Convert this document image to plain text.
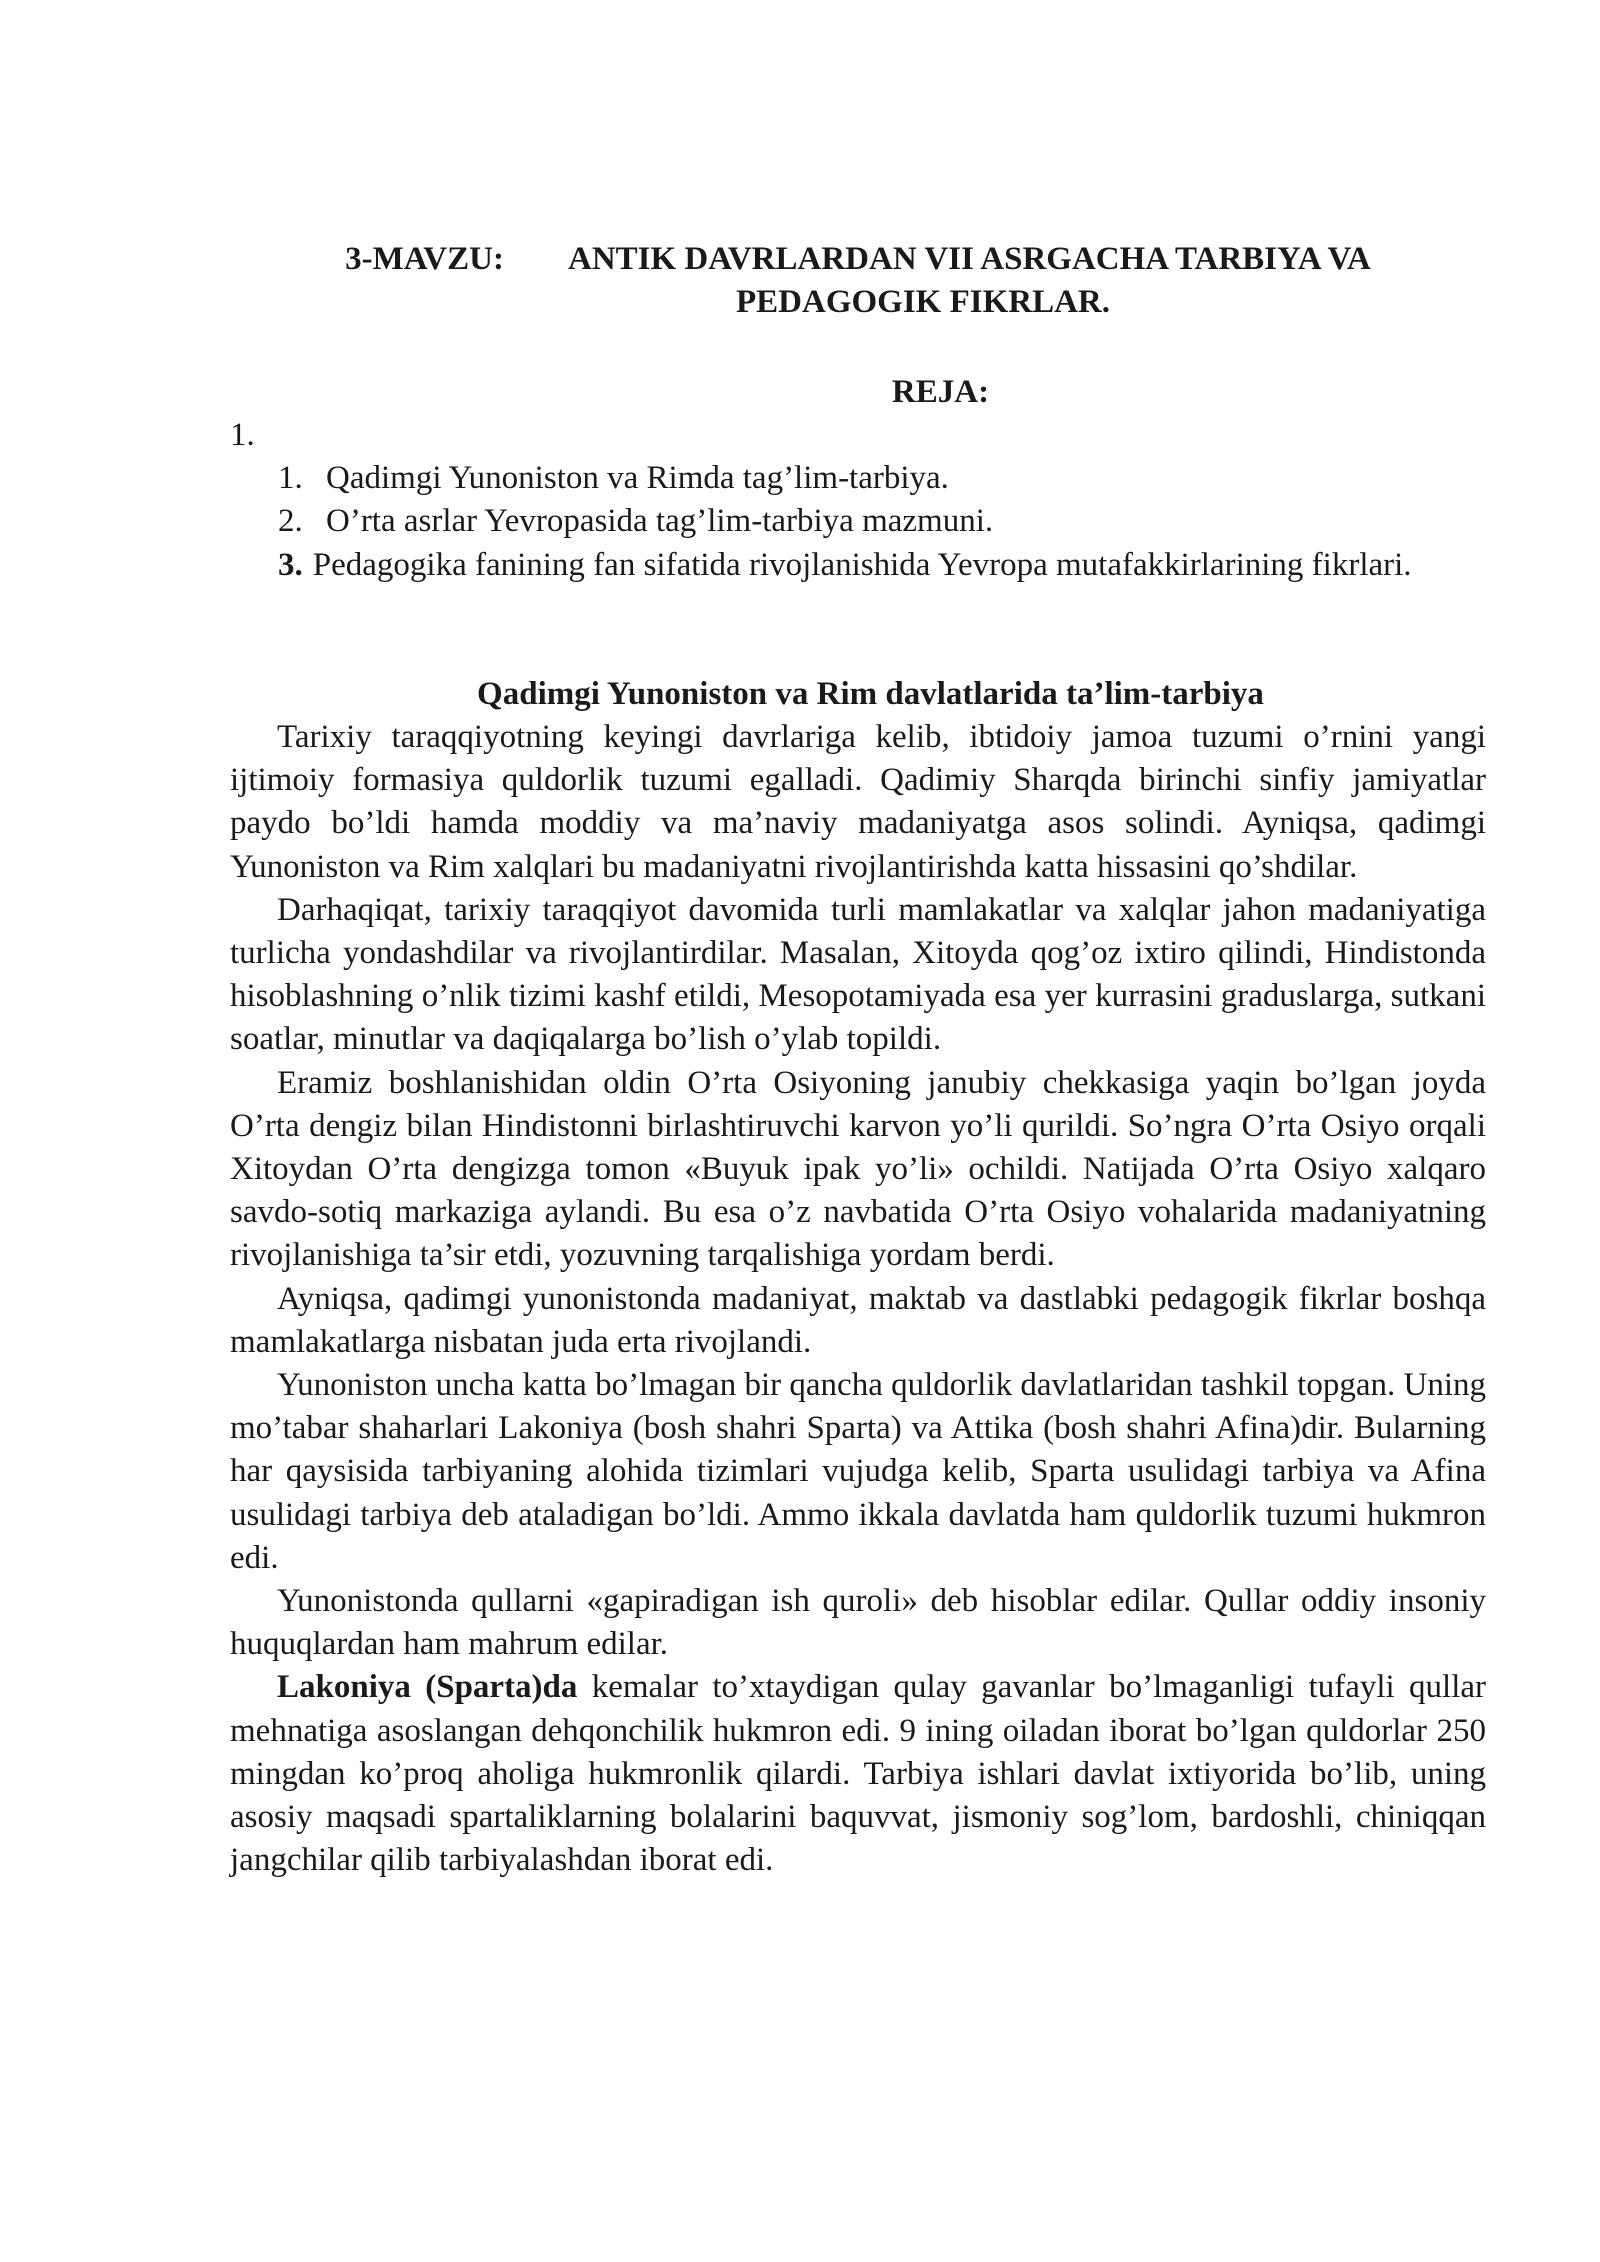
3-MAVZU: ANTIK DAVRLARDAN VII ASRGACHA TARBIYA VA
PEDAGOGIK FIKRLAR.
REJA:
1.
1. Qadimgi Yunoniston va Rimda tag’lim-tarbiya.
2. O’rta asrlar Yevropasida tag’lim-tarbiya mazmuni.
3. Pedagogika fanining fan sifatida rivojlanishida Yevropa mutafakkirlarining fikrlari.
Qadimgi Yunoniston va Rim davlatlarida ta’lim-tarbiya

Tarixiy taraqqiyotning keyingi davrlariga kelib, ibtidoiy jamoa tuzumi o’rnini yangi ijtimoiy formasiya quldorlik tuzumi egalladi. Qadimiy Sharqda birinchi sinfiy jamiyatlar paydo bo’ldi hamda moddiy va ma’naviy madaniyatga asos solindi. Ayniqsa, qadimgi Yunoniston va Rim xalqlari bu madaniyatni rivojlantirishda katta hissasini qo’shdilar.

Darhaqiqat, tarixiy taraqqiyot davomida turli mamlakatlar va xalqlar jahon madaniyatiga turlicha yondashdilar va rivojlantirdilar. Masalan, Xitoyda qog’oz ixtiro qilindi, Hindistonda hisoblashning o’nlik tizimi kashf etildi, Mesopotamiyada esa yer kurrasini graduslarga, sutkani soatlar, minutlar va daqiqalarga bo’lish o’ylab topildi.

Eramiz boshlanishidan oldin O’rta Osiyoning janubiy chekkasiga yaqin bo’lgan joyda O’rta dengiz bilan Hindistonni birlashtiruvchi karvon yo’li qurildi. So’ngra O’rta Osiyo orqali Xitoydan O’rta dengizga tomon «Buyuk ipak yo’li» ochildi. Natijada O’rta Osiyo xalqaro savdo-sotiq markaziga aylandi. Bu esa o’z navbatida O’rta Osiyo vohalarida madaniyatning rivojlanishiga ta’sir etdi, yozuvning tarqalishiga yordam berdi.

Ayniqsa, qadimgi yunonistonda madaniyat, maktab va dastlabki pedagogik fikrlar boshqa mamlakatlarga nisbatan juda erta rivojlandi.

Yunoniston uncha katta bo’lmagan bir qancha quldorlik davlatlaridan tashkil topgan. Uning mo’tabar shaharlari Lakoniya (bosh shahri Sparta) va Attika (bosh shahri Afina)dir. Bularning har qaysisida tarbiyaning alohida tizimlari vujudga kelib, Sparta usulidagi tarbiya va Afina usulidagi tarbiya deb ataladigan bo’ldi. Ammo ikkala davlatda ham quldorlik tuzumi hukmron edi.

Yunonistonda qullarni «gapiradigan ish quroli» deb hisoblar edilar. Qullar oddiy insoniy huquqlardan ham mahrum edilar.

Lakoniya (Sparta)da kemalar to’xtaydigan qulay gavanlar bo’lmaganligi tufayli qullar mehnatiga asoslangan dehqonchilik hukmron edi. 9 ining oiladan iborat bo’lgan quldorlar 250 mingdan ko’proq aholiga hukmronlik qilardi. Tarbiya ishlari davlat ixtiyorida bo’lib, uning asosiy maqsadi spartaliklarning bolalarini baquvvat, jismoniy sog’lom, bardoshli, chiniqqan jangchilar qilib tarbiyalashdan iborat edi.
